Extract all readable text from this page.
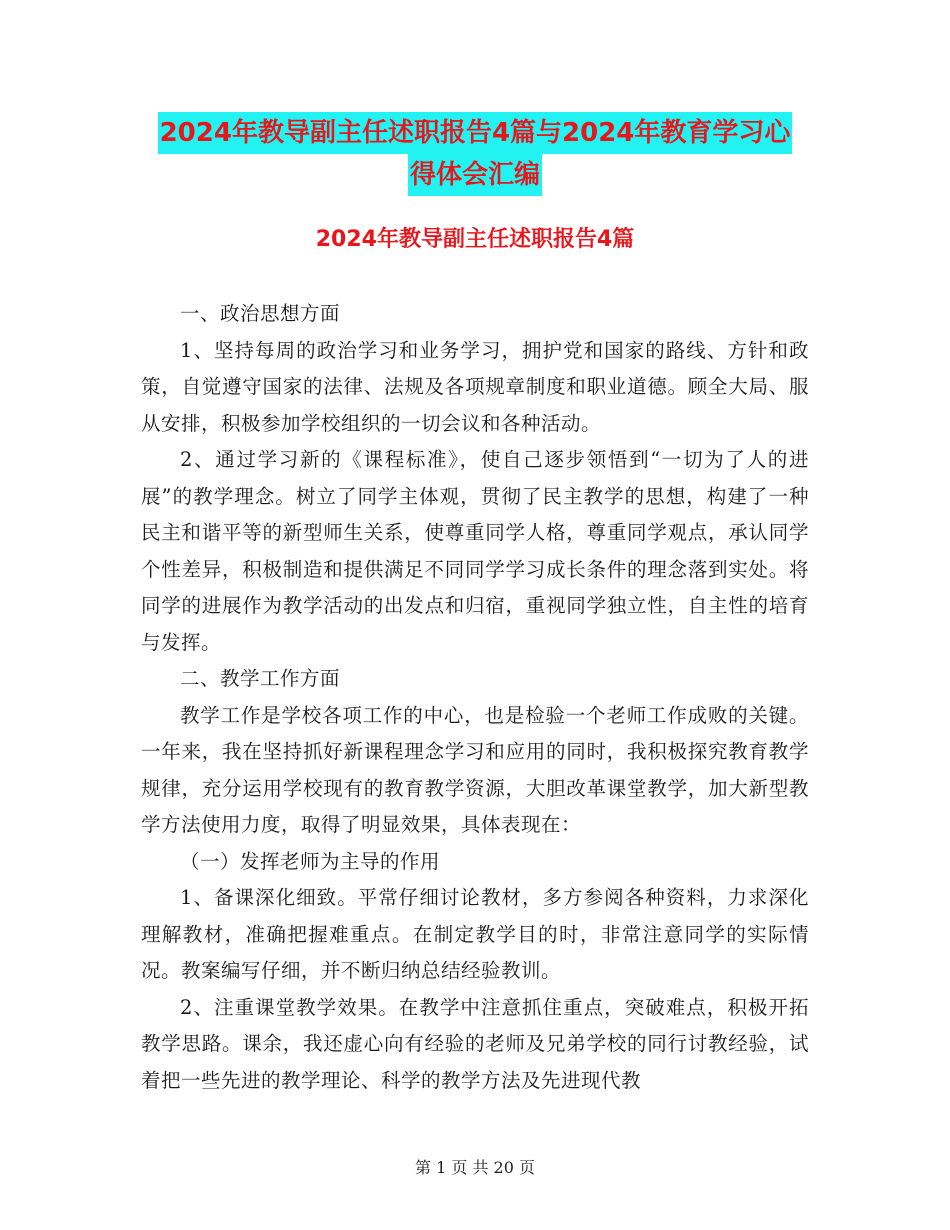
2024年教导副主任述职报告4篇与2024年教育学习心
得体会汇编
2024年教导副主任述职报告4篇

一、政治思想方面

1、坚持每周的政治学习和业务学习，拥护党和国家的路线、方针和政策，自觉遵守国家的法律、法规及各项规章制度和职业道德。顾全大局、服从安排，积极参加学校组织的一切会议和各种活动。

2、通过学习新的《课程标准》，使自己逐步领悟到“一切为了人的进展”的教学理念。树立了同学主体观，贯彻了民主教学的思想，构建了一种民主和谐平等的新型师生关系，使尊重同学人格，尊重同学观点，承认同学个性差异，积极制造和提供满足不同同学学习成长条件的理念落到实处。将同学的进展作为教学活动的出发点和归宿，重视同学独立性，自主性的培育与发挥。

二、教学工作方面

教学工作是学校各项工作的中心，也是检验一个老师工作成败的关键。一年来，我在坚持抓好新课程理念学习和应用的同时，我积极探究教育教学规律，充分运用学校现有的教育教学资源，大胆改革课堂教学，加大新型教学方法使用力度，取得了明显效果，具体表现在：

（一）发挥老师为主导的作用

1、备课深化细致。平常仔细讨论教材，多方参阅各种资料，力求深化理解教材，准确把握难重点。在制定教学目的时，非常注意同学的实际情况。教案编写仔细，并不断归纳总结经验教训。

2、注重课堂教学效果。在教学中注意抓住重点，突破难点，积极开拓教学思路。课余，我还虚心向有经验的老师及兄弟学校的同行讨教经验，试着把一些先进的教学理论、科学的教学方法及先进现代教

第 1 页 共 20 页
